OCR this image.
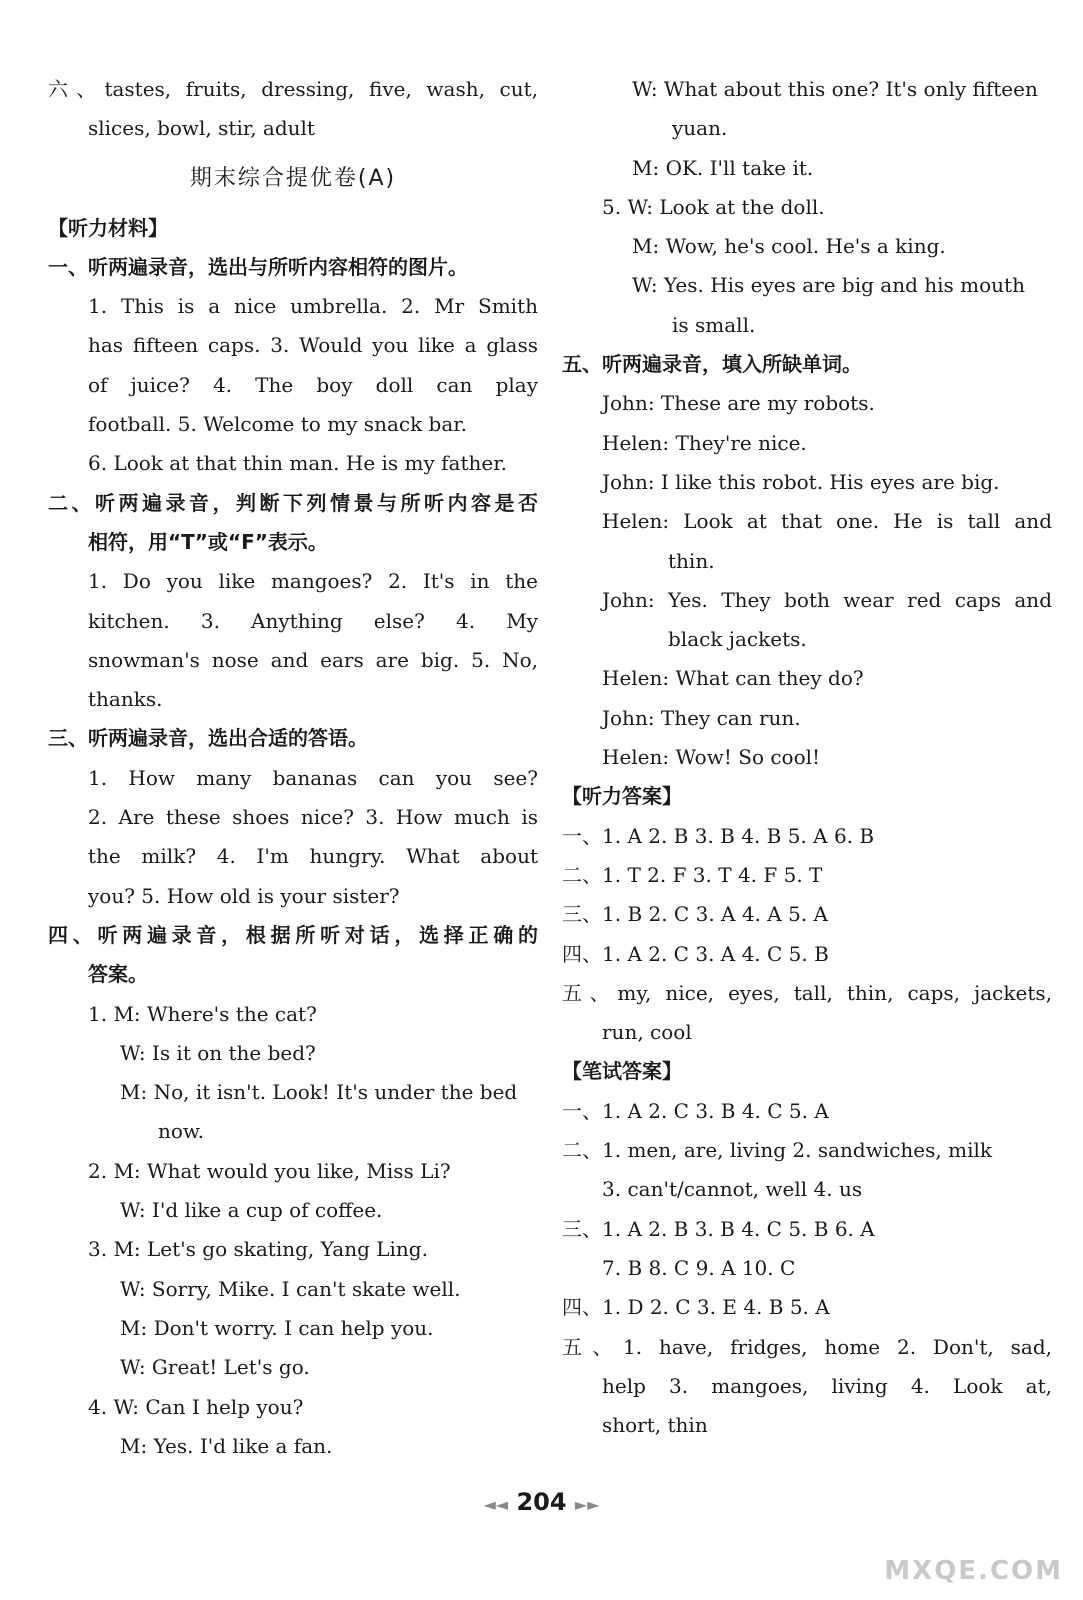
六、tastes, fruits, dressing, five, wash, cut,
slices, bowl, stir, adult
期末综合提优卷(A)
【听力材料】
一、听两遍录音，选出与所听内容相符的图片。
1. This is a nice umbrella. 2. Mr Smith
has fifteen caps. 3. Would you like a glass
of juice? 4. The boy doll can play
football. 5. Welcome to my snack bar.
6. Look at that thin man. He is my father.
二、听两遍录音，判断下列情景与所听内容是否
相符，用“T”或“F”表示。
1. Do you like mangoes? 2. It's in the
kitchen. 3. Anything else? 4. My
snowman's nose and ears are big. 5. No,
thanks.
三、听两遍录音，选出合适的答语。
1. How many bananas can you see?
2. Are these shoes nice? 3. How much is
the milk? 4. I'm hungry. What about
you? 5. How old is your sister?
四、听两遍录音，根据所听对话，选择正确的
答案。
1. M: Where's the cat?
W: Is it on the bed?
M: No, it isn't. Look! It's under the bed
now.
2. M: What would you like, Miss Li?
W: I'd like a cup of coffee.
3. M: Let's go skating, Yang Ling.
W: Sorry, Mike. I can't skate well.
M: Don't worry. I can help you.
W: Great! Let's go.
4. W: Can I help you?
M: Yes. I'd like a fan.
W: What about this one? It's only fifteen
yuan.
M: OK. I'll take it.
5. W: Look at the doll.
M: Wow, he's cool. He's a king.
W: Yes. His eyes are big and his mouth
is small.
五、听两遍录音，填入所缺单词。
John: These are my robots.
Helen: They're nice.
John: I like this robot. His eyes are big.
Helen: Look at that one. He is tall and
thin.
John: Yes. They both wear red caps and
black jackets.
Helen: What can they do?
John: They can run.
Helen: Wow! So cool!
【听力答案】
一、1. A 2. B 3. B 4. B 5. A 6. B
二、1. T 2. F 3. T 4. F 5. T
三、1. B 2. C 3. A 4. A 5. A
四、1. A 2. C 3. A 4. C 5. B
五、my, nice, eyes, tall, thin, caps, jackets,
run, cool
【笔试答案】
一、1. A 2. C 3. B 4. C 5. A
二、1. men, are, living 2. sandwiches, milk
3. can't/cannot, well 4. us
三、1. A 2. B 3. B 4. C 5. B 6. A
7. B 8. C 9. A 10. C
四、1. D 2. C 3. E 4. B 5. A
五、1. have, fridges, home 2. Don't, sad,
help 3. mangoes, living 4. Look at,
short, thin
◄◄ 204 ►►
MXQE.COM
